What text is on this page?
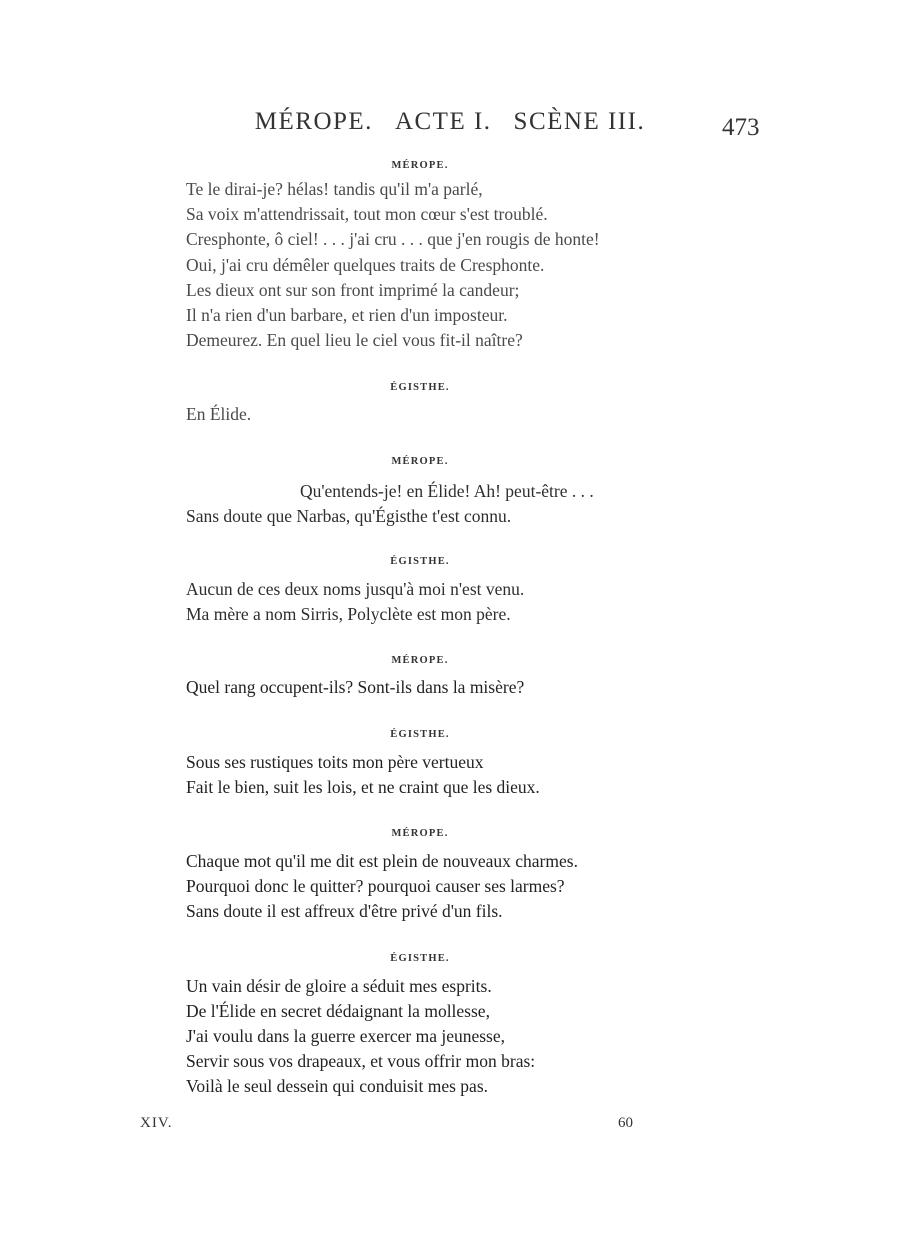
MÉROPE. ACTE I. SCÈNE III.	473
MÉROPE.
Te le dirai-je? hélas! tandis qu'il m'a parlé,
Sa voix m'attendrissait, tout mon cœur s'est troublé.
Cresphonte, ô ciel! . . . j'ai cru . . . que j'en rougis de honte!
Oui, j'ai cru démêler quelques traits de Cresphonte.
Les dieux ont sur son front imprimé la candeur;
Il n'a rien d'un barbare, et rien d'un imposteur.
Demeurez. En quel lieu le ciel vous fit-il naître?
ÉGISTHE.
En Élide.
MÉROPE.
Qu'entends-je! en Élide! Ah! peut-être . . .
Sans doute que Narbas, qu'Égisthe t'est connu.
ÉGISTHE.
Aucun de ces deux noms jusqu'à moi n'est venu.
Ma mère a nom Sirris, Polyclète est mon père.
MÉROPE.
Quel rang occupent-ils? Sont-ils dans la misère?
ÉGISTHE.
Sous ses rustiques toits mon père vertueux
Fait le bien, suit les lois, et ne craint que les dieux.
MÉROPE.
Chaque mot qu'il me dit est plein de nouveaux charmes.
Pourquoi donc le quitter? pourquoi causer ses larmes?
Sans doute il est affreux d'être privé d'un fils.
ÉGISTHE.
Un vain désir de gloire a séduit mes esprits.
De l'Élide en secret dédaignant la mollesse,
J'ai voulu dans la guerre exercer ma jeunesse,
Servir sous vos drapeaux, et vous offrir mon bras:
Voilà le seul dessein qui conduisit mes pas.
XIV.	60
